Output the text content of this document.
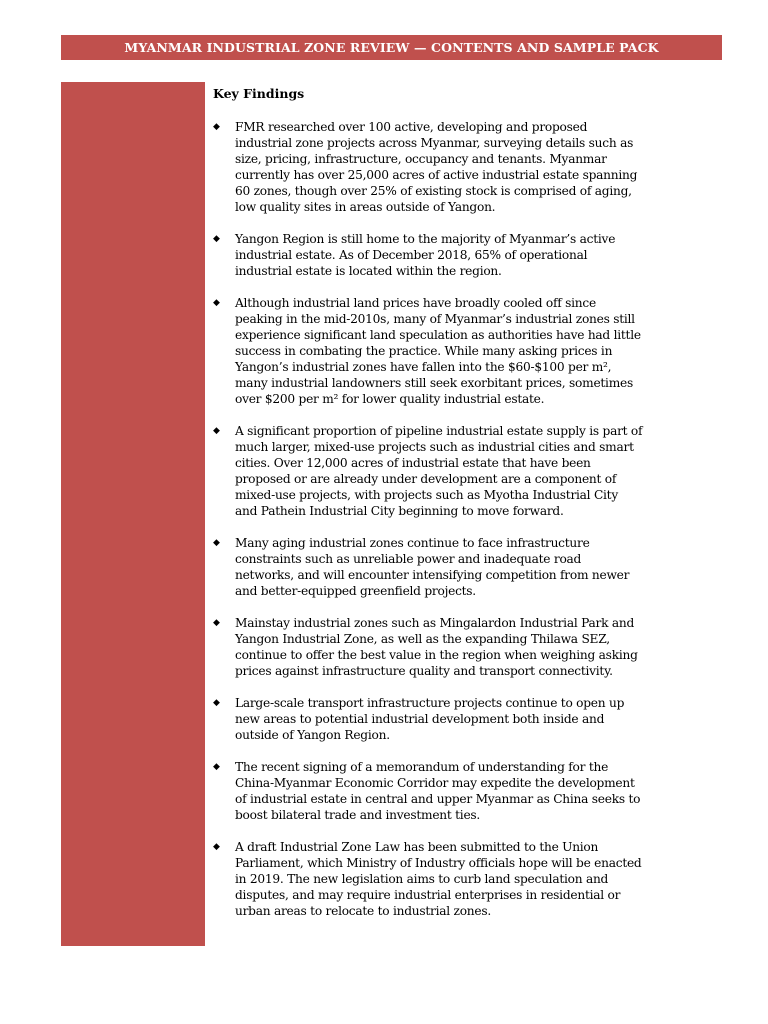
MYANMAR INDUSTRIAL ZONE REVIEW — CONTENTS AND SAMPLE PACK
Key Findings
◆ FMR researched over 100 active, developing and proposed industrial zone projects across Myanmar, surveying details such as size, pricing, infrastructure, occupancy and tenants. Myanmar currently has over 25,000 acres of active industrial estate spanning 60 zones, though over 25% of existing stock is comprised of aging, low quality sites in areas outside of Yangon.
◆ Yangon Region is still home to the majority of Myanmar’s active industrial estate. As of December 2018, 65% of operational industrial estate is located within the region.
◆ Although industrial land prices have broadly cooled off since peaking in the mid-2010s, many of Myanmar’s industrial zones still experience significant land speculation as authorities have had little success in combating the practice. While many asking prices in Yangon’s industrial zones have fallen into the $60-$100 per m², many industrial landowners still seek exorbitant prices, sometimes over $200 per m² for lower quality industrial estate.
◆ A significant proportion of pipeline industrial estate supply is part of much larger, mixed-use projects such as industrial cities and smart cities. Over 12,000 acres of industrial estate that have been proposed or are already under development are a component of mixed-use projects, with projects such as Myotha Industrial City and Pathein Industrial City beginning to move forward.
◆ Many aging industrial zones continue to face infrastructure constraints such as unreliable power and inadequate road networks, and will encounter intensifying competition from newer and better-equipped greenfield projects.
◆ Mainstay industrial zones such as Mingalardon Industrial Park and Yangon Industrial Zone, as well as the expanding Thilawa SEZ, continue to offer the best value in the region when weighing asking prices against infrastructure quality and transport connectivity.
◆ Large-scale transport infrastructure projects continue to open up new areas to potential industrial development both inside and outside of Yangon Region.
◆ The recent signing of a memorandum of understanding for the China-Myanmar Economic Corridor may expedite the development of industrial estate in central and upper Myanmar as China seeks to boost bilateral trade and investment ties.
◆ A draft Industrial Zone Law has been submitted to the Union Parliament, which Ministry of Industry officials hope will be enacted in 2019. The new legislation aims to curb land speculation and disputes, and may require industrial enterprises in residential or urban areas to relocate to industrial zones.
